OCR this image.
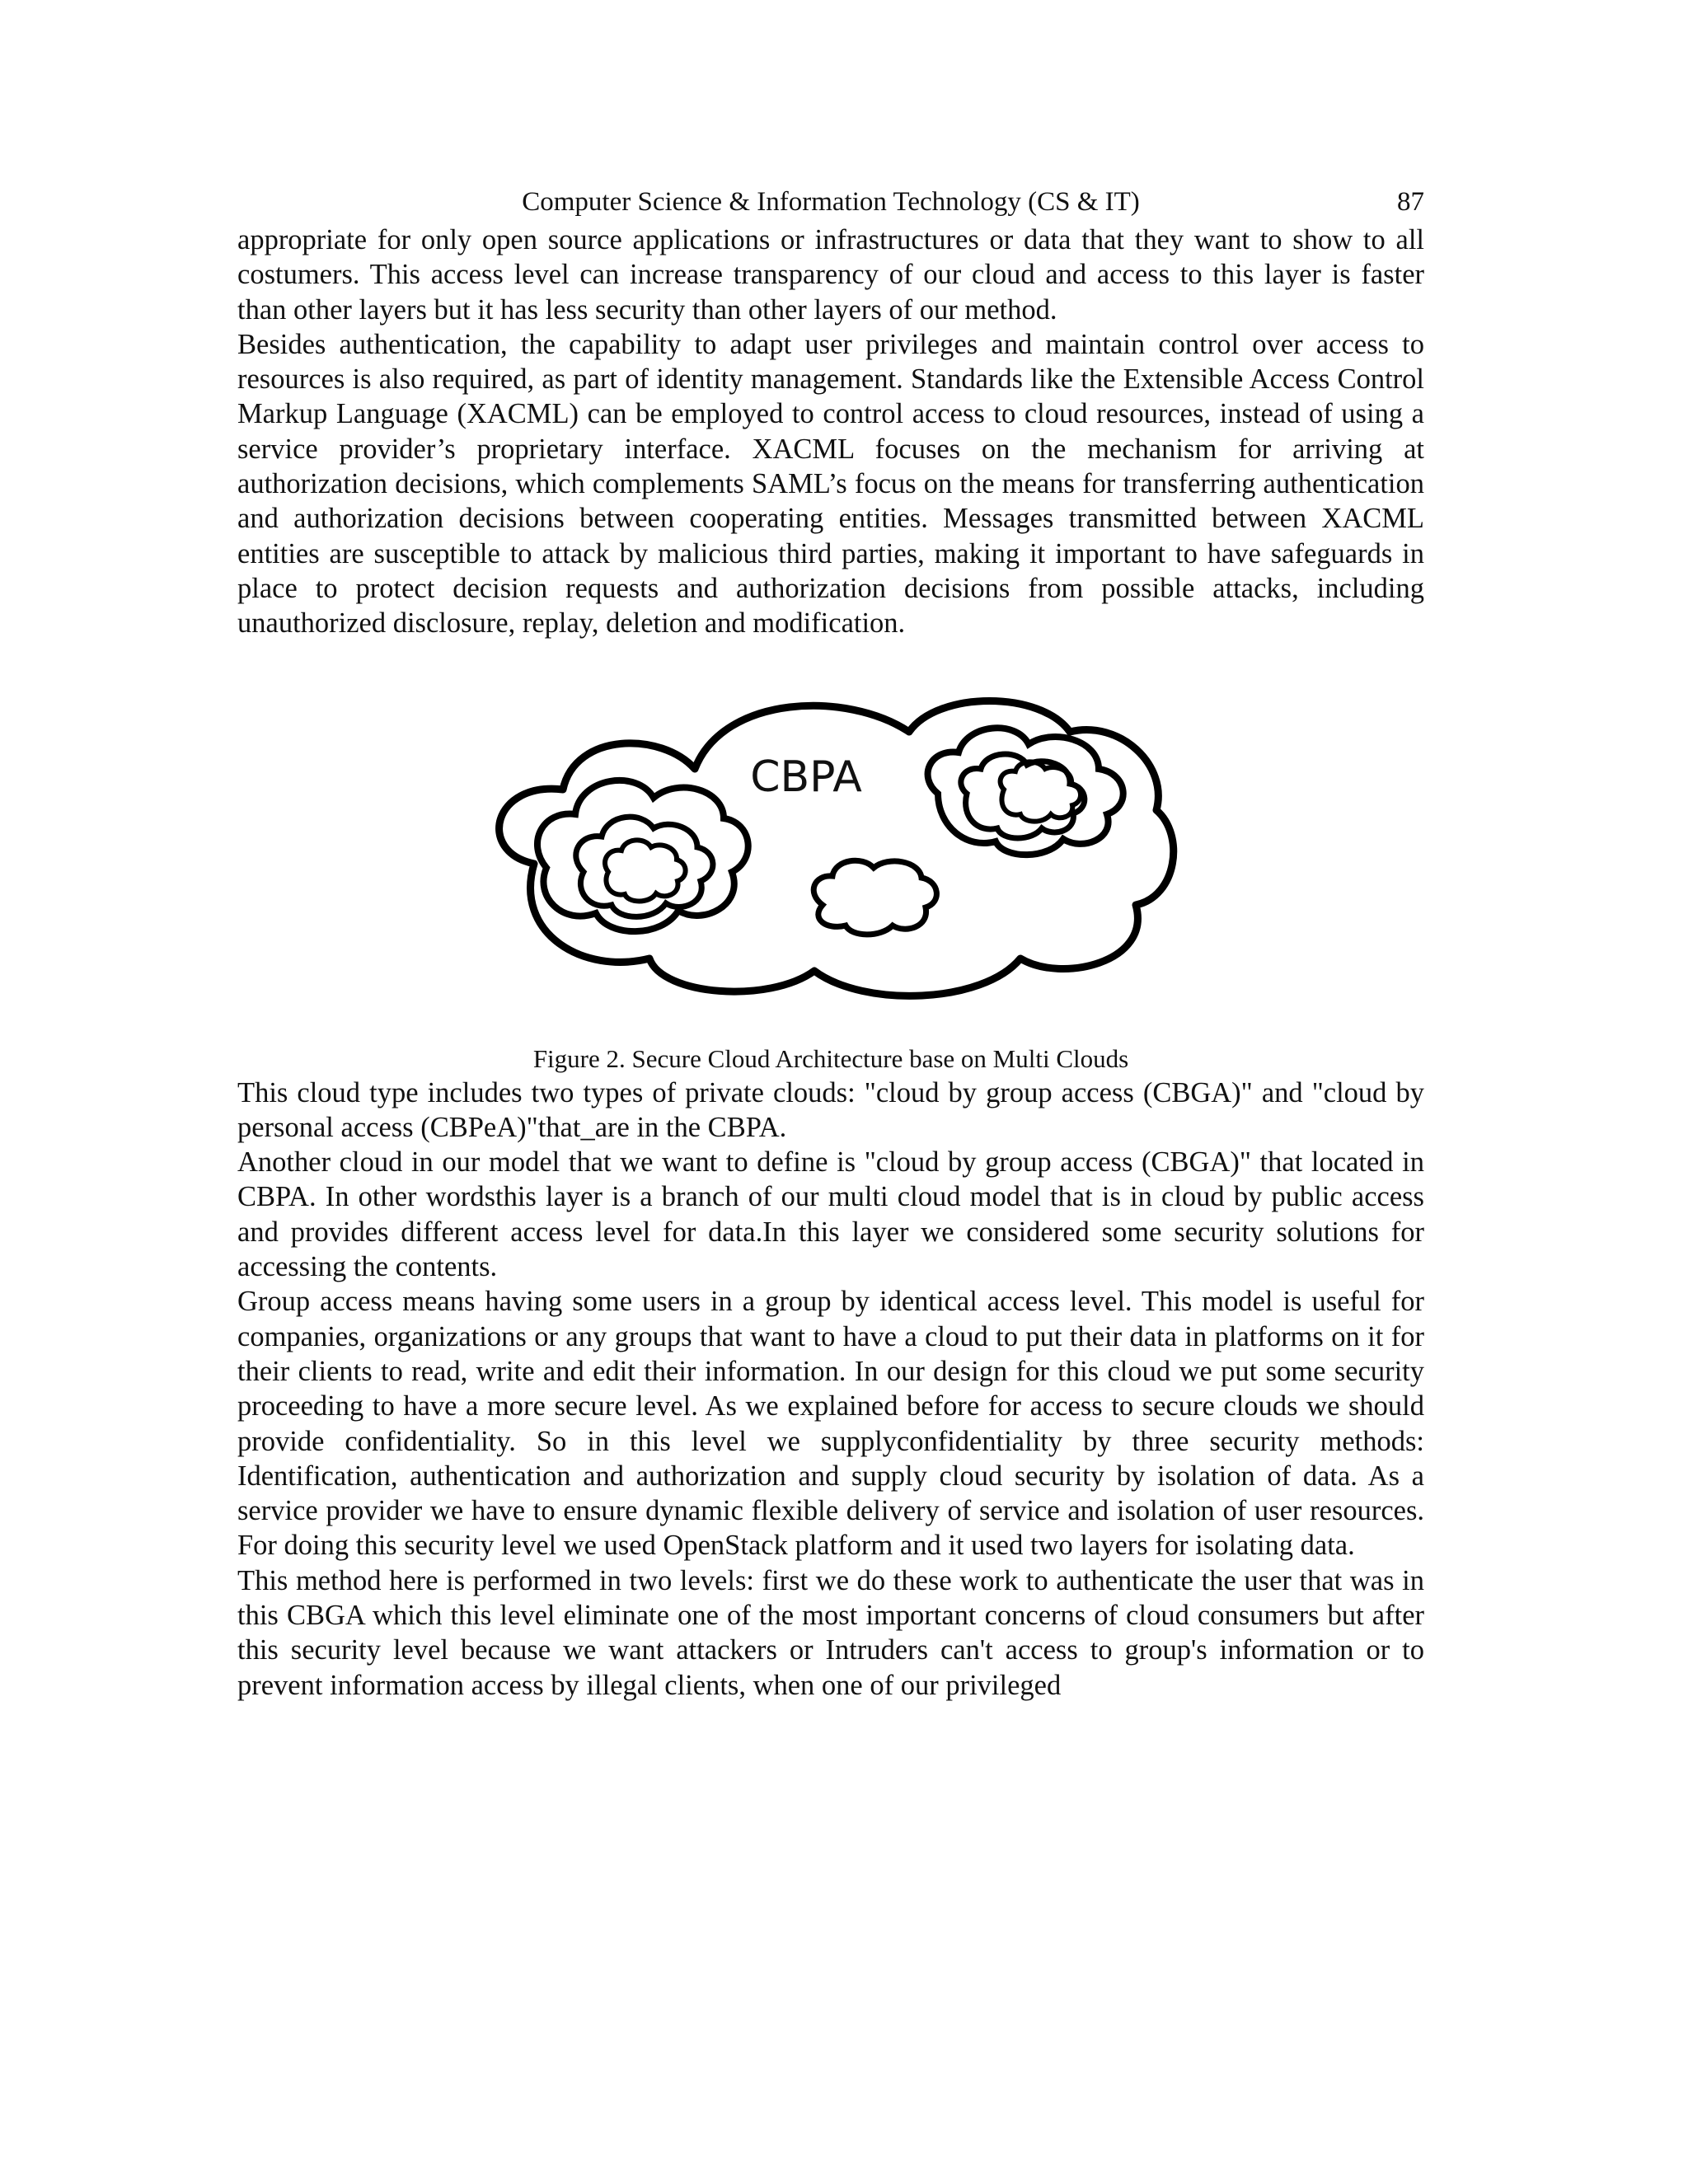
Computer Science & Information Technology (CS & IT)	87

appropriate for only open source applications or infrastructures or data that they want to show to all costumers. This access level can increase transparency of our cloud and access to this layer is faster than other layers but it has less security than other layers of our method.

Besides authentication, the capability to adapt user privileges and maintain control over access to resources is also required, as part of identity management. Standards like the Extensible Access Control Markup Language (XACML) can be employed to control access to cloud resources, instead of using a service provider’s proprietary interface. XACML focuses on the mechanism for arriving at authorization decisions, which complements SAML’s focus on the means for transferring authentication and authorization decisions between cooperating entities. Messages transmitted between XACML entities are susceptible to attack by malicious third parties, making it important to have safeguards in place to protect decision requests and authorization decisions from possible attacks, including unauthorized disclosure, replay, deletion and modification.

CBPA
Figure 2. Secure Cloud Architecture base on Multi Clouds

This cloud type includes two types of private clouds: "cloud by group access (CBGA)" and "cloud by personal access (CBPeA)"that_are in the CBPA.

Another cloud in our model that we want to define is "cloud by group access (CBGA)" that located in CBPA. In other wordsthis layer is a branch of our multi cloud model that is in cloud by public access and provides different access level for data.In this layer we considered some security solutions for accessing the contents.

Group access means having some users in a group by identical access level. This model is useful for companies, organizations or any groups that want to have a cloud to put their data in platforms on it for their clients to read, write and edit their information. In our design for this cloud we put some security proceeding to have a more secure level. As we explained before for access to secure clouds we should provide confidentiality. So in this level we supplyconfidentiality by three security methods: Identification, authentication and authorization and supply cloud security by isolation of data. As a service provider we have to ensure dynamic flexible delivery of service and isolation of user resources. For doing this security level we used OpenStack platform and it used two layers for isolating data.

This method here is performed in two levels: first we do these work to authenticate the user that was in this CBGA which this level eliminate one of the most important concerns of cloud consumers but after this security level because we want attackers or Intruders can't access to group's information or to prevent information access by illegal clients, when one of our privileged
